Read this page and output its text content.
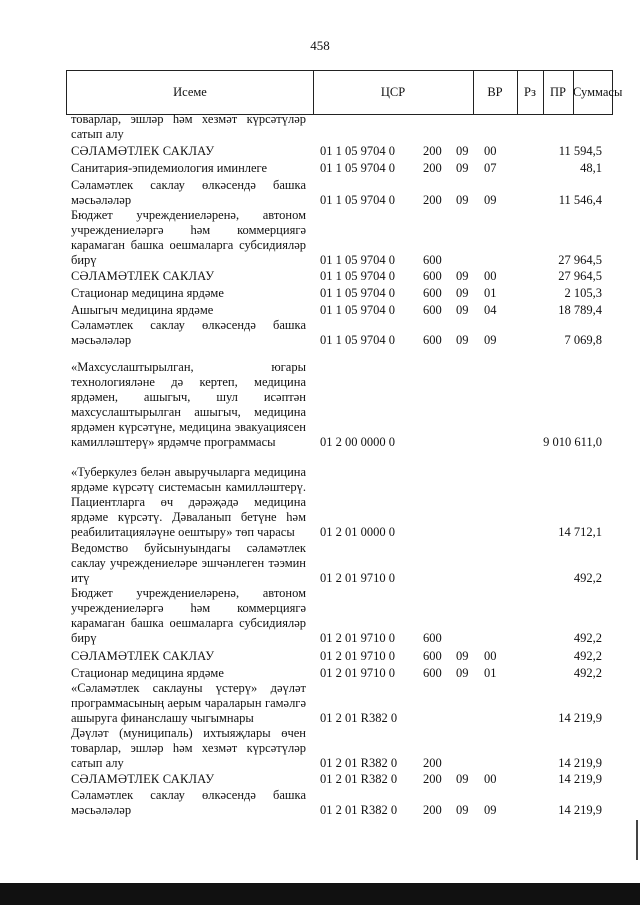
458
Исеме	ЦСР	ВР	Рз	ПР Суммасы
товарлар, эшләр һәм хезмәт күрсәтүләр сатып алу
СӘЛАМӘТЛЕК САКЛАУ	01 1 05 9704 0 200 09 00	11 594,5
Санитария-эпидемиология иминлеге	01 1 05 9704 0 200 09 07	48,1
Сәламәтлек саклау өлкәсендә башка мәсьәләләр	01 1 05 9704 0 200 09 09	11 546,4
Бюджет учреждениеләренә, автоном учреждениеләргә һәм коммерциягә карамаган башка оешмаларга субсидияләр бирү	01 1 05 9704 0 600	27 964,5
СӘЛАМӘТЛЕК САКЛАУ	01 1 05 9704 0 600 09 00	27 964,5
Стационар медицина ярдәме	01 1 05 9704 0 600 09 01	2 105,3
Ашыгыч медицина ярдәме	01 1 05 9704 0 600 09 04	18 789,4
Сәламәтлек саклау өлкәсендә башка мәсьәләләр	01 1 05 9704 0 600 09 09	7 069,8
«Махсуслаштырылган, югары технологияләне дә кертеп, медицина ярдәмен, ашыгыч, шул исәптән махсуслаштырылган ашыгыч, медицина ярдәмен күрсәтүне, медицина эвакуациясен камилләштерү» ярдәмче программасы	01 2 00 0000 0	9 010 611,0
«Туберкулез белән авыручыларга медицина ярдәме күрсәтү системасын камилләштерү. Пациентларга өч дәрәҗәдә медицина ярдәме күрсәтү. Дәваланып бетүне һәм реабилитацияләүне оештыру» төп чарасы	01 2 01 0000 0	14 712,1
Ведомство буйсынуындагы сәламәтлек саклау учреждениеләре эшчәнлеген тәэмин итү	01 2 01 9710 0	492,2
Бюджет учреждениеләренә, автоном учреждениеләргә һәм коммерциягә карамаган башка оешмаларга субсидияләр бирү	01 2 01 9710 0 600	492,2
СӘЛАМӘТЛЕК САКЛАУ	01 2 01 9710 0 600 09 00	492,2
Стационар медицина ярдәме	01 2 01 9710 0 600 09 01	492,2
«Сәламәтлек саклауны үстерү» дәүләт программасының аерым чараларын гамәлгә ашыруга финанслашу чыгымнары	01 2 01 R382 0	14 219,9
Дәүләт (муниципаль) ихтыяҗлары өчен товарлар, эшләр һәм хезмәт күрсәтүләр сатып алу	01 2 01 R382 0 200	14 219,9
СӘЛАМӘТЛЕК САКЛАУ	01 2 01 R382 0 200 09 00	14 219,9
Сәламәтлек саклау өлкәсендә башка мәсьәләләр	01 2 01 R382 0 200 09 09	14 219,9
